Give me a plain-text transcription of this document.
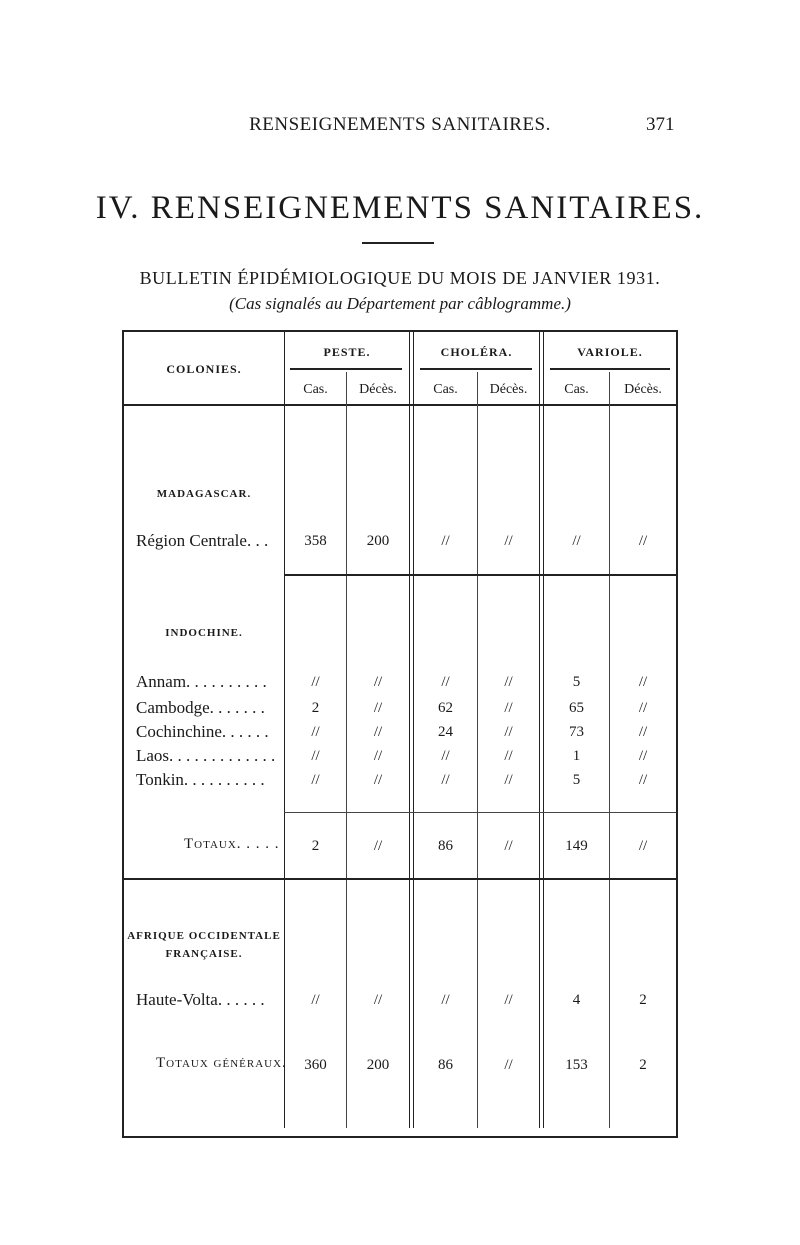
RENSEIGNEMENTS SANITAIRES.	371
IV. RENSEIGNEMENTS SANITAIRES.
BULLETIN ÉPIDÉMIOLOGIQUE DU MOIS DE JANVIER 1931.
(Cas signalés au Département par câblogramme.)
COLONIES.
PESTE.	CHOLÉRA.	VARIOLE.
Cas.	Décès.	Cas.	Décès.	Cas.	Décès.
MADAGASCAR.
Région Centrale. . .	358	200	//	//	//	//
INDOCHINE.
Annam. . . . . . . . . .	//	//	//	//	5	//
Cambodge. . . . . . .	2	//	62	//	65	//
Cochinchine. . . . . .	//	//	24	//	73	//
Laos. . . . . . . . . . . . .	//	//	//	//	1	//
Tonkin. . . . . . . . . .	//	//	//	//	5	//
Totaux. . . . .	2	//	86	//	149	//
AFRIQUE OCCIDENTALE
FRANÇAISE.
Haute-Volta. . . . . .	//	//	//	//	4	2
Totaux généraux.	360	200	86	//	153	2
